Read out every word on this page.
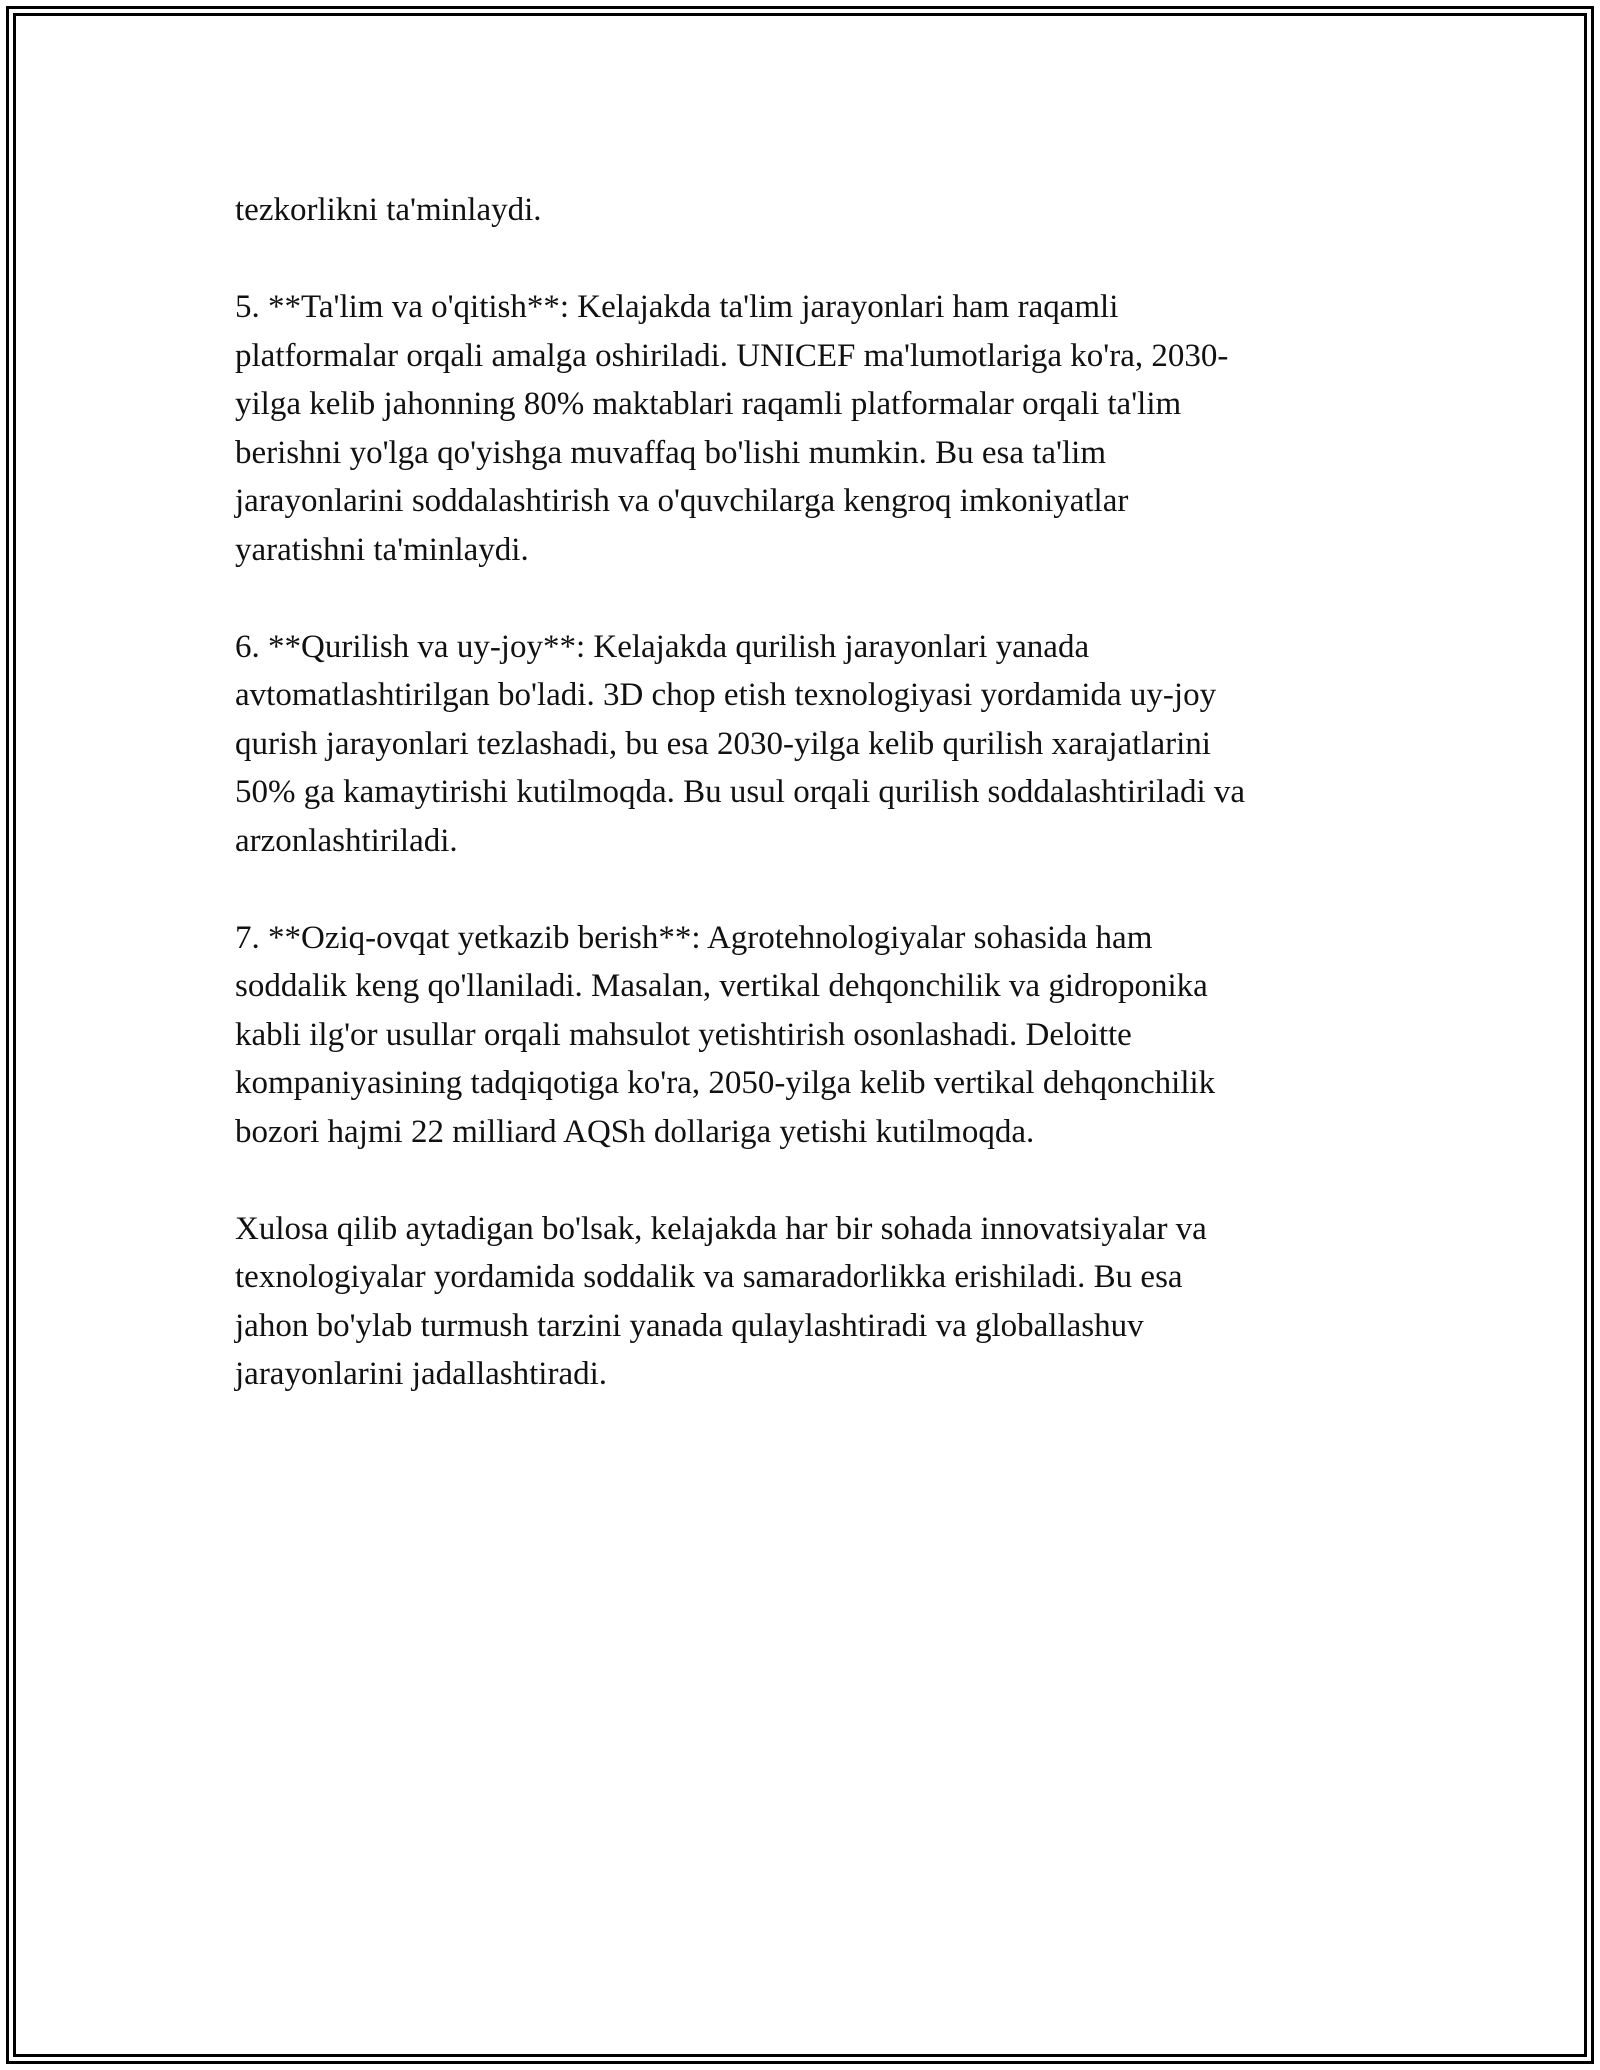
tezkorlikni ta'minlaydi.
5. **Ta'lim va o'qitish**: Kelajakda ta'lim jarayonlari ham raqamli
platformalar orqali amalga oshiriladi. UNICEF ma'lumotlariga ko'ra, 2030-
yilga kelib jahonning 80% maktablari raqamli platformalar orqali ta'lim
berishni yo'lga qo'yishga muvaffaq bo'lishi mumkin. Bu esa ta'lim
jarayonlarini soddalashtirish va o'quvchilarga kengroq imkoniyatlar
yaratishni ta'minlaydi.
6. **Qurilish va uy-joy**: Kelajakda qurilish jarayonlari yanada
avtomatlashtirilgan bo'ladi. 3D chop etish texnologiyasi yordamida uy-joy
qurish jarayonlari tezlashadi, bu esa 2030-yilga kelib qurilish xarajatlarini
50% ga kamaytirishi kutilmoqda. Bu usul orqali qurilish soddalashtiriladi va
arzonlashtiriladi.
7. **Oziq-ovqat yetkazib berish**: Agrotehnologiyalar sohasida ham
soddalik keng qo'llaniladi. Masalan, vertikal dehqonchilik va gidroponika
kabli ilg'or usullar orqali mahsulot yetishtirish osonlashadi. Deloitte
kompaniyasining tadqiqotiga ko'ra, 2050-yilga kelib vertikal dehqonchilik
bozori hajmi 22 milliard AQSh dollariga yetishi kutilmoqda.
Xulosa qilib aytadigan bo'lsak, kelajakda har bir sohada innovatsiyalar va
texnologiyalar yordamida soddalik va samaradorlikka erishiladi. Bu esa
jahon bo'ylab turmush tarzini yanada qulaylashtiradi va globallashuv
jarayonlarini jadallashtiradi.
